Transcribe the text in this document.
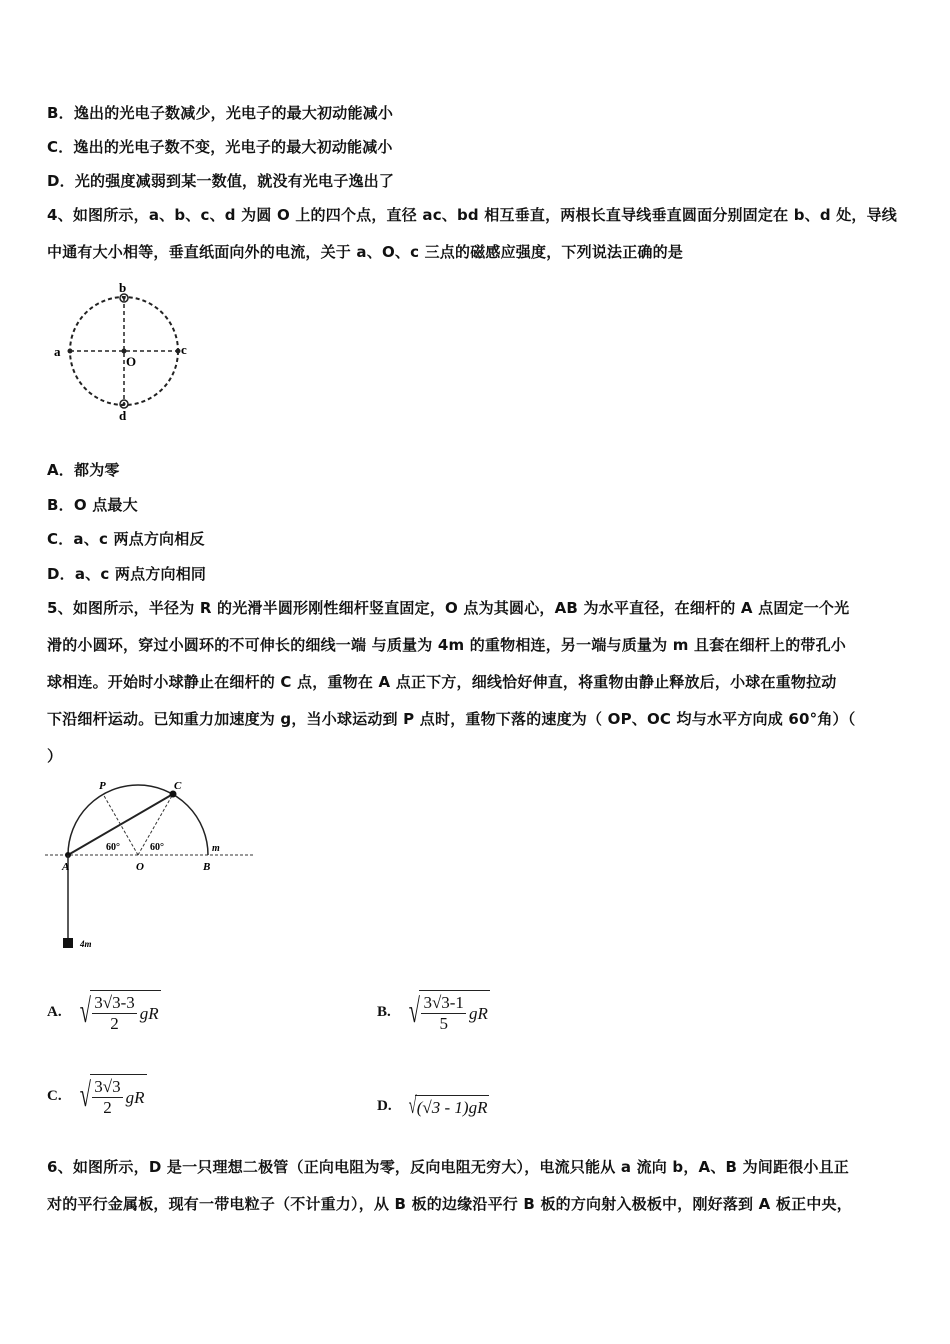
B．逸出的光电子数减少，光电子的最大初动能减小
C．逸出的光电子数不变，光电子的最大初动能减小
D．光的强度减弱到某一数值，就没有光电子逸出了
4、如图所示，a、b、c、d 为圆 O 上的四个点，直径 ac、bd 相互垂直，两根长直导线垂直圆面分别固定在 b、d 处，导线
中通有大小相等，垂直纸面向外的电流，关于 a、O、c 三点的磁感应强度，下列说法正确的是
b
d
a	c
O
A．都为零
B．O 点最大
C．a、c 两点方向相反
D．a、c 两点方向相同
5、如图所示，半径为 R 的光滑半圆形刚性细杆竖直固定，O 点为其圆心，AB 为水平直径，在细杆的 A 点固定一个光
滑的小圆环，穿过小圆环的不可伸长的细线一端 与质量为 4m 的重物相连，另一端与质量为 m 且套在细杆上的带孔小
球相连。开始时小球静止在细杆的 C 点，重物在 A 点正下方，细线恰好伸直，将重物由静止释放后，小球在重物拉动
下沿细杆运动。已知重力加速度为 g，当小球运动到 P 点时，重物下落的速度为（ OP、OC 均与水平方向成 60°角）（
）
P	C
A	O	B
m
60°	60°
4m
A. √ $\frac{3√3-3}{2}$ gR	B. √ $\frac{3√3-1}{5}$ gR
C. √ $\frac{3√3}{2}$ gR	D. √ (√3 - 1)gR
6、如图所示，D 是一只理想二极管（正向电阻为零，反向电阻无穷大），电流只能从 a 流向 b，A、B 为间距很小且正
对的平行金属板，现有一带电粒子（不计重力），从 B 板的边缘沿平行 B 板的方向射入极板中，刚好落到 A 板正中央，
